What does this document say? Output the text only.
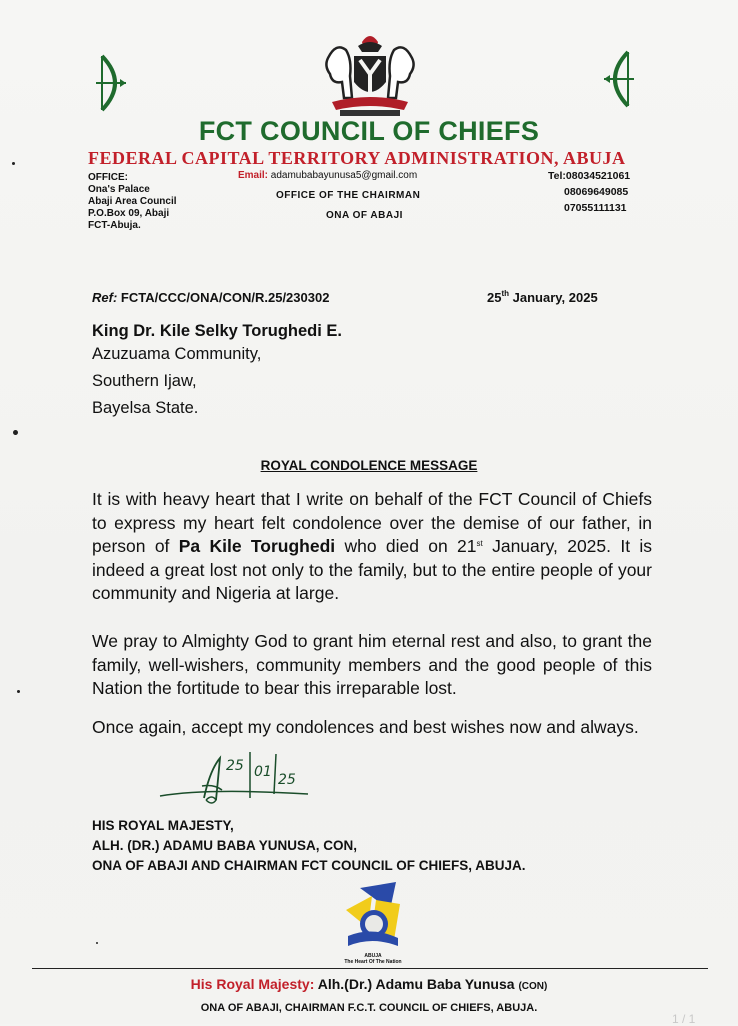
FCT COUNCIL OF CHIEFS
FEDERAL CAPITAL TERRITORY ADMINISTRATION, ABUJA
OFFICE:
Ona's Palace
Abaji Area Council
P.O.Box 09, Abaji
FCT-Abuja.
Email: adamubabayunusa5@gmail.com
OFFICE OF THE CHAIRMAN
ONA OF ABAJI
Tel:08034521061
08069649085
07055111131
Ref: FCTA/CCC/ONA/CON/R.25/230302	25th January, 2025
King Dr. Kile Selky Torughedi E.
Azuzuama Community,
Southern Ijaw,
Bayelsa State.
ROYAL CONDOLENCE MESSAGE
It is with heavy heart that I write on behalf of the FCT Council of Chiefs to express my heart felt condolence over the demise of our father, in person of Pa Kile Torughedi who died on 21st January, 2025. It is indeed a great lost not only to the family, but to the entire people of your community and Nigeria at large.
We pray to Almighty God to grant him eternal rest and also, to grant the family, well-wishers, community members and the good people of this Nation the fortitude to bear this irreparable lost.
Once again, accept my condolences and best wishes now and always.
25 01 25
HIS ROYAL MAJESTY,
ALH. (DR.) ADAMU BABA YUNUSA, CON,
ONA OF ABAJI AND CHAIRMAN FCT COUNCIL OF CHIEFS, ABUJA.
ABUJA
The Heart Of The Nation
His Royal Majesty: Alh.(Dr.) Adamu Baba Yunusa (CON)
ONA OF ABAJI, CHAIRMAN F.C.T. COUNCIL OF CHIEFS, ABUJA.
1 / 1
